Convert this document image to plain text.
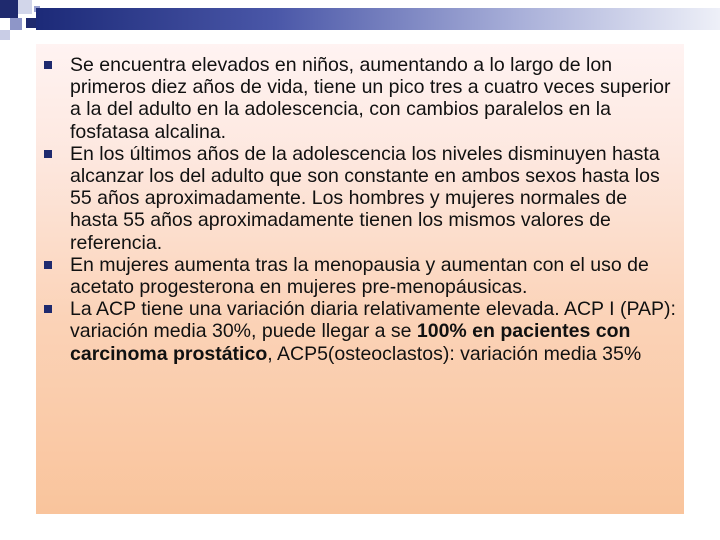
Se encuentra elevados en niños, aumentando a lo largo de lon primeros diez años de vida, tiene un pico tres a cuatro veces superior a la del adulto en la adolescencia, con cambios paralelos en la fosfatasa alcalina.
En los últimos años de la adolescencia los niveles disminuyen hasta alcanzar los del adulto que son constante en ambos sexos hasta los 55 años aproximadamente. Los hombres y mujeres normales de hasta 55 años aproximadamente tienen los mismos valores de referencia.
En mujeres aumenta tras la menopausia y aumentan con el uso de acetato progesterona en mujeres pre-menopáusicas.
La ACP tiene una variación diaria relativamente elevada. ACP I (PAP): variación media 30%, puede llegar a se 100% en pacientes con carcinoma prostático, ACP5(osteoclastos): variación media 35%
